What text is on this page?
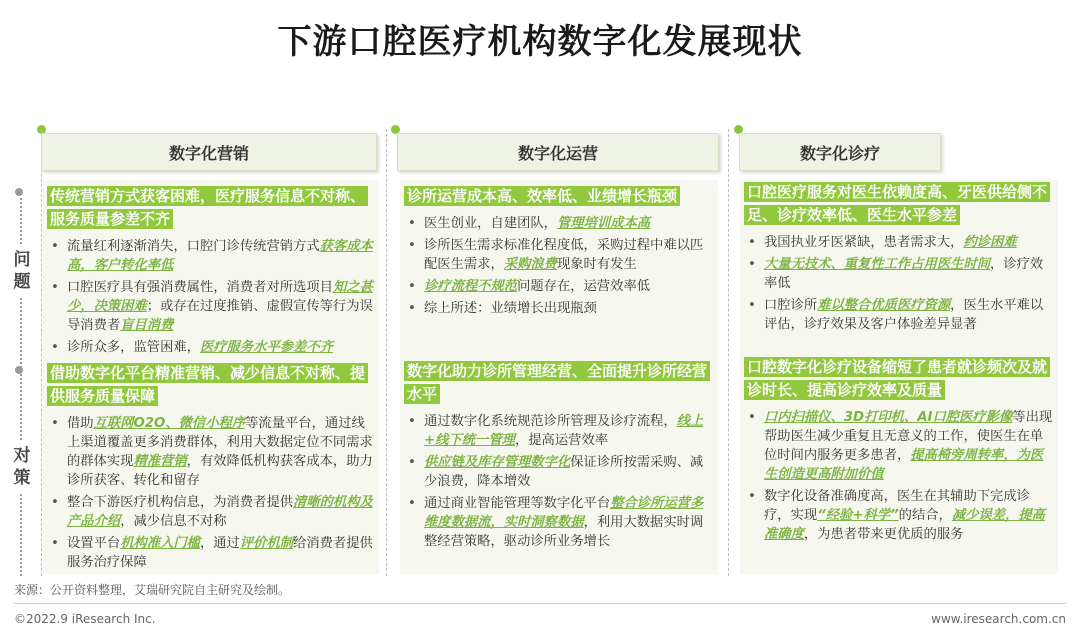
下游口腔医疗机构数字化发展现状
问题
对策
数字化营销	数字化运营	数字化诊疗
传统营销方式获客困难，医疗服务信息不对称、服务质量参差不齐
• 流量红利逐渐消失，口腔门诊传统营销方式获客成本高，客户转化率低
• 口腔医疗具有强消费属性，消费者对所选项目知之甚少，决策困难；或存在过度推销、虚假宣传等行为误导消费者盲目消费
• 诊所众多，监管困难，医疗服务水平参差不齐
借助数字化平台精准营销、减少信息不对称、提供服务质量保障
• 借助互联网O2O、微信小程序等流量平台，通过线上渠道覆盖更多消费群体，利用大数据定位不同需求的群体实现精准营销，有效降低机构获客成本，助力诊所获客、转化和留存
• 整合下游医疗机构信息，为消费者提供清晰的机构及产品介绍，减少信息不对称
• 设置平台机构准入门槛，通过评价机制给消费者提供服务治疗保障
诊所运营成本高、效率低、业绩增长瓶颈
• 医生创业，自建团队，管理培训成本高
• 诊所医生需求标准化程度低，采购过程中难以匹配医生需求，采购浪费现象时有发生
• 诊疗流程不规范问题存在，运营效率低
• 综上所述：业绩增长出现瓶颈
数字化助力诊所管理经营、全面提升诊所经营水平
• 通过数字化系统规范诊所管理及诊疗流程，线上+线下统一管理，提高运营效率
• 供应链及库存管理数字化保证诊所按需采购、减少浪费，降本增效
• 通过商业智能管理等数字化平台整合诊所运营多维度数据流，实时洞察数据，利用大数据实时调整经营策略，驱动诊所业务增长
口腔医疗服务对医生依赖度高、牙医供给侧不足、诊疗效率低、医生水平参差
• 我国执业牙医紧缺，患者需求大，约诊困难
• 大量无技术、重复性工作占用医生时间，诊疗效率低
• 口腔诊所难以整合优质医疗资源，医生水平难以评估，诊疗效果及客户体验差异显著
口腔数字化诊疗设备缩短了患者就诊频次及就诊时长、提高诊疗效率及质量
• 口内扫描仪、3D打印机、AI口腔医疗影像等出现帮助医生减少重复且无意义的工作，使医生在单位时间内服务更多患者，提高椅旁周转率，为医生创造更高附加价值
• 数字化设备准确度高，医生在其辅助下完成诊疗，实现“经验+科学”的结合，减少误差，提高准确度，为患者带来更优质的服务
来源：公开资料整理，艾瑞研究院自主研究及绘制。
©2022.9 iResearch Inc.	www.iresearch.com.cn
